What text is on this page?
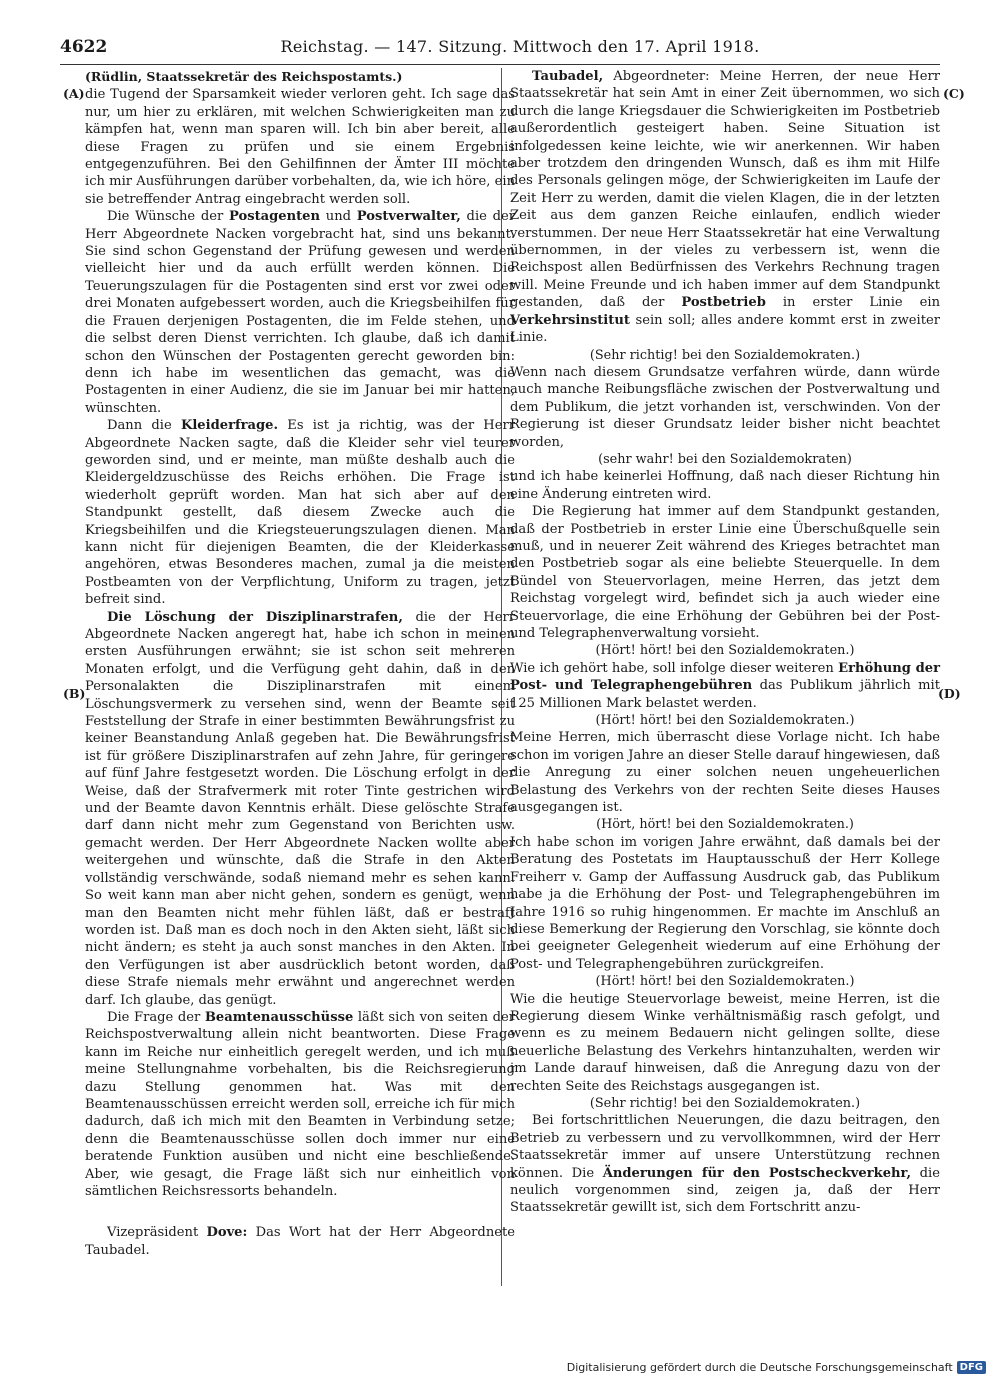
4622	Reichstag. — 147. Sitzung. Mittwoch den 17. April 1918.
(A)
(B)
(C)
(D)

(Rüdlin, Staatssekretär des Reichspostamts.)

die Tugend der Sparsamkeit wieder verloren geht. Ich sage das nur, um hier zu erklären, mit welchen Schwierigkeiten man zu kämpfen hat, wenn man sparen will. Ich bin aber bereit, alle diese Fragen zu prüfen und sie einem Ergebnis entgegenzuführen. Bei den Gehilfinnen der Ämter III möchte ich mir Ausführungen darüber vorbehalten, da, wie ich höre, ein sie betreffender Antrag eingebracht werden soll.

Die Wünsche der Postagenten und Postverwalter, die der Herr Abgeordnete Nacken vorgebracht hat, sind uns bekannt. Sie sind schon Gegenstand der Prüfung gewesen und werden vielleicht hier und da auch erfüllt werden können. Die Teuerungszulagen für die Postagenten sind erst vor zwei oder drei Monaten aufgebessert worden, auch die Kriegsbeihilfen für die Frauen derjenigen Postagenten, die im Felde stehen, und die selbst deren Dienst verrichten. Ich glaube, daß ich damit schon den Wünschen der Postagenten gerecht geworden bin: denn ich habe im wesentlichen das gemacht, was die Postagenten in einer Audienz, die sie im Januar bei mir hatten, wünschten.

Dann die Kleiderfrage. Es ist ja richtig, was der Herr Abgeordnete Nacken sagte, daß die Kleider sehr viel teurer geworden sind, und er meinte, man müßte deshalb auch die Kleidergeldzuschüsse des Reichs erhöhen. Die Frage ist wiederholt geprüft worden. Man hat sich aber auf den Standpunkt gestellt, daß diesem Zwecke auch die Kriegsbeihilfen und die Kriegsteuerungszulagen dienen. Man kann nicht für diejenigen Beamten, die der Kleiderkasse angehören, etwas Besonderes machen, zumal ja die meisten Postbeamten von der Verpflichtung, Uniform zu tragen, jetzt befreit sind.

Die Löschung der Disziplinarstrafen, die der Herr Abgeordnete Nacken angeregt hat, habe ich schon in meinen ersten Ausführungen erwähnt; sie ist schon seit mehreren Monaten erfolgt, und die Verfügung geht dahin, daß in den Personalakten die Disziplinarstrafen mit einem Löschungsvermerk zu versehen sind, wenn der Beamte seit Feststellung der Strafe in einer bestimmten Bewährungsfrist zu keiner Beanstandung Anlaß gegeben hat. Die Bewährungsfrist ist für größere Disziplinarstrafen auf zehn Jahre, für geringere auf fünf Jahre festgesetzt worden. Die Löschung erfolgt in der Weise, daß der Strafvermerk mit roter Tinte gestrichen wird und der Beamte davon Kenntnis erhält. Diese gelöschte Strafe darf dann nicht mehr zum Gegenstand von Berichten usw. gemacht werden. Der Herr Abgeordnete Nacken wollte aber weitergehen und wünschte, daß die Strafe in den Akten vollständig verschwände, sodaß niemand mehr es sehen kann. So weit kann man aber nicht gehen, sondern es genügt, wenn man den Beamten nicht mehr fühlen läßt, daß er bestraft worden ist. Daß man es doch noch in den Akten sieht, läßt sich nicht ändern; es steht ja auch sonst manches in den Akten. In den Verfügungen ist aber ausdrücklich betont worden, daß diese Strafe niemals mehr erwähnt und angerechnet werden darf. Ich glaube, das genügt.

Die Frage der Beamtenausschüsse läßt sich von seiten der Reichspostverwaltung allein nicht beantworten. Diese Frage kann im Reiche nur einheitlich geregelt werden, und ich muß meine Stellungnahme vorbehalten, bis die Reichsregierung dazu Stellung genommen hat. Was mit den Beamtenausschüssen erreicht werden soll, erreiche ich für mich dadurch, daß ich mich mit den Beamten in Verbindung setze; denn die Beamtenausschüsse sollen doch immer nur eine beratende Funktion ausüben und nicht eine beschließende. Aber, wie gesagt, die Frage läßt sich nur einheitlich von sämtlichen Reichsressorts behandeln.

Vizepräsident Dove: Das Wort hat der Herr Abgeordnete Taubadel.

Taubadel, Abgeordneter: Meine Herren, der neue Herr Staatssekretär hat sein Amt in einer Zeit übernommen, wo sich durch die lange Kriegsdauer die Schwierigkeiten im Postbetrieb außerordentlich gesteigert haben. Seine Situation ist infolgedessen keine leichte, wie wir anerkennen. Wir haben aber trotzdem den dringenden Wunsch, daß es ihm mit Hilfe des Personals gelingen möge, der Schwierigkeiten im Laufe der Zeit Herr zu werden, damit die vielen Klagen, die in der letzten Zeit aus dem ganzen Reiche einlaufen, endlich wieder verstummen. Der neue Herr Staatssekretär hat eine Verwaltung übernommen, in der vieles zu verbessern ist, wenn die Reichspost allen Bedürfnissen des Verkehrs Rechnung tragen will. Meine Freunde und ich haben immer auf dem Standpunkt gestanden, daß der Postbetrieb in erster Linie ein Verkehrsinstitut sein soll; alles andere kommt erst in zweiter Linie.

(Sehr richtig! bei den Sozialdemokraten.)

Wenn nach diesem Grundsatze verfahren würde, dann würde auch manche Reibungsfläche zwischen der Postverwaltung und dem Publikum, die jetzt vorhanden ist, verschwinden. Von der Regierung ist dieser Grundsatz leider bisher nicht beachtet worden,

(sehr wahr! bei den Sozialdemokraten)

und ich habe keinerlei Hoffnung, daß nach dieser Richtung hin eine Änderung eintreten wird.

Die Regierung hat immer auf dem Standpunkt gestanden, daß der Postbetrieb in erster Linie eine Überschußquelle sein muß, und in neuerer Zeit während des Krieges betrachtet man den Postbetrieb sogar als eine beliebte Steuerquelle. In dem Bündel von Steuervorlagen, meine Herren, das jetzt dem Reichstag vorgelegt wird, befindet sich ja auch wieder eine Steuervorlage, die eine Erhöhung der Gebühren bei der Post- und Telegraphenverwaltung vorsieht.

(Hört! hört! bei den Sozialdemokraten.)

Wie ich gehört habe, soll infolge dieser weiteren Erhöhung der Post- und Telegraphengebühren das Publikum jährlich mit 125 Millionen Mark belastet werden.

(Hört! hört! bei den Sozialdemokraten.)

Meine Herren, mich überrascht diese Vorlage nicht. Ich habe schon im vorigen Jahre an dieser Stelle darauf hingewiesen, daß die Anregung zu einer solchen neuen ungeheuerlichen Belastung des Verkehrs von der rechten Seite dieses Hauses ausgegangen ist.

(Hört, hört! bei den Sozialdemokraten.)

Ich habe schon im vorigen Jahre erwähnt, daß damals bei der Beratung des Postetats im Hauptausschuß der Herr Kollege Freiherr v. Gamp der Auffassung Ausdruck gab, das Publikum habe ja die Erhöhung der Post- und Telegraphengebühren im Jahre 1916 so ruhig hingenommen. Er machte im Anschluß an diese Bemerkung der Regierung den Vorschlag, sie könnte doch bei geeigneter Gelegenheit wiederum auf eine Erhöhung der Post- und Telegraphengebühren zurückgreifen.

(Hört! hört! bei den Sozialdemokraten.)

Wie die heutige Steuervorlage beweist, meine Herren, ist die Regierung diesem Winke verhältnismäßig rasch gefolgt, und wenn es zu meinem Bedauern nicht gelingen sollte, diese neuerliche Belastung des Verkehrs hintanzuhalten, werden wir im Lande darauf hinweisen, daß die Anregung dazu von der rechten Seite des Reichstags ausgegangen ist.

(Sehr richtig! bei den Sozialdemokraten.)

Bei fortschrittlichen Neuerungen, die dazu beitragen, den Betrieb zu verbessern und zu vervollkommnen, wird der Herr Staatssekretär immer auf unsere Unterstützung rechnen können. Die Änderungen für den Postscheckverkehr, die neulich vorgenommen sind, zeigen ja, daß der Herr Staatssekretär gewillt ist, sich dem Fortschritt anzu-

Digitalisierung gefördert durch die Deutsche Forschungsgemeinschaft DFG
